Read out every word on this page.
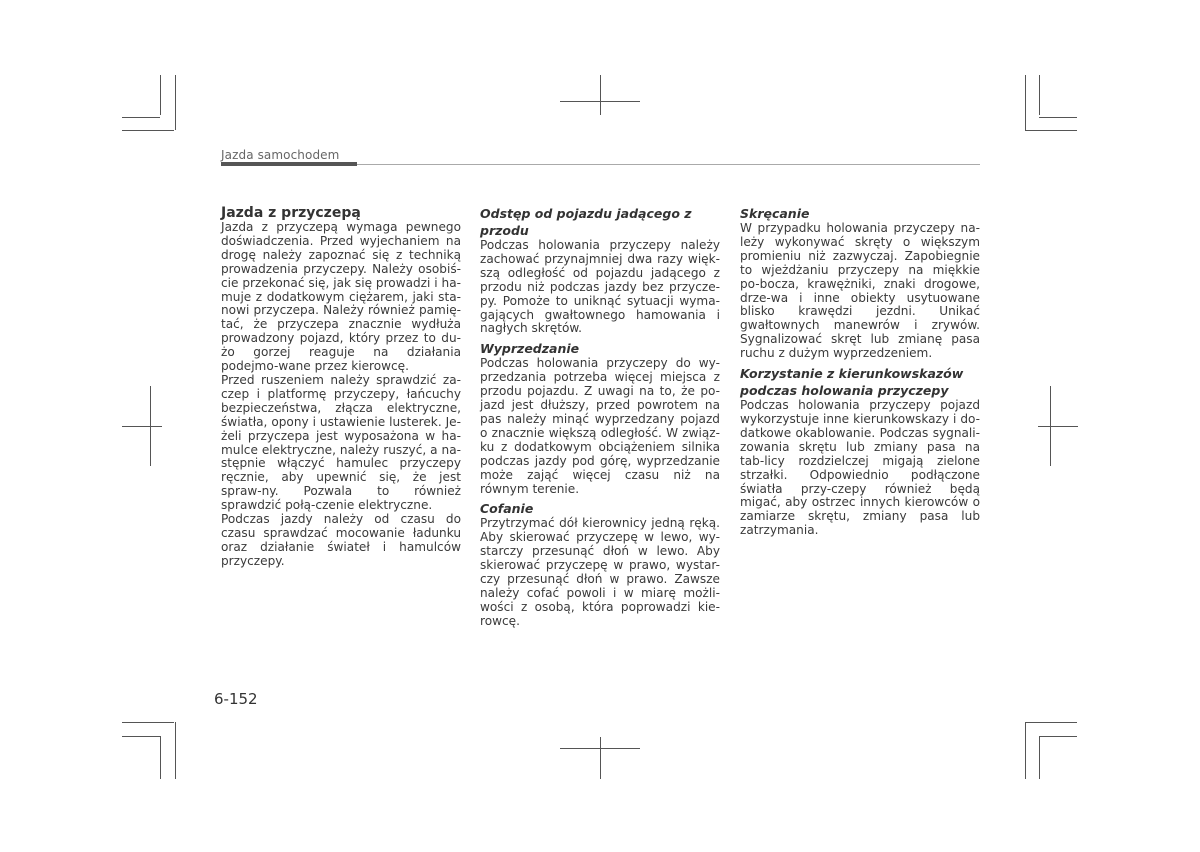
Jazda samochodem
Jazda z przyczepą

Jazda z przyczepą wymaga pewnego doświadczenia. Przed wyjechaniem na drogę należy zapoznać się z techniką prowadzenia przyczepy. Należy osobiś-cie przekonać się, jak się prowadzi i ha-muje z dodatkowym ciężarem, jaki sta-nowi przyczepa. Należy również pamię-tać, że przyczepa znacznie wydłuża prowadzony pojazd, który przez to du-żo gorzej reaguje na działania podejmo-wane przez kierowcę.

Przed ruszeniem należy sprawdzić za-czep i platformę przyczepy, łańcuchy bezpieczeństwa, złącza elektryczne, światła, opony i ustawienie lusterek. Je-żeli przyczepa jest wyposażona w ha-mulce elektryczne, należy ruszyć, a na-stępnie włączyć hamulec przyczepy ręcznie, aby upewnić się, że jest spraw-ny. Pozwala to również sprawdzić połą-czenie elektryczne.

Podczas jazdy należy od czasu do czasu sprawdzać mocowanie ładunku oraz działanie świateł i hamulców przyczepy.

Odstęp od pojazdu jadącego z przodu

Podczas holowania przyczepy należy zachować przynajmniej dwa razy więk-szą odległość od pojazdu jadącego z przodu niż podczas jazdy bez przycze-py. Pomoże to uniknąć sytuacji wyma-gających gwałtownego hamowania i nagłych skrętów.

Wyprzedzanie

Podczas holowania przyczepy do wy-przedzania potrzeba więcej miejsca z przodu pojazdu. Z uwagi na to, że po-jazd jest dłuższy, przed powrotem na pas należy minąć wyprzedzany pojazd o znacznie większą odległość. W związ-ku z dodatkowym obciążeniem silnika podczas jazdy pod górę, wyprzedzanie może zająć więcej czasu niż na równym terenie.

Cofanie

Przytrzymać dół kierownicy jedną ręką. Aby skierować przyczepę w lewo, wy-starczy przesunąć dłoń w lewo. Aby skierować przyczepę w prawo, wystar-czy przesunąć dłoń w prawo. Zawsze należy cofać powoli i w miarę możli-wości z osobą, która poprowadzi kie-rowcę.

Skręcanie

W przypadku holowania przyczepy na-leży wykonywać skręty o większym promieniu niż zazwyczaj. Zapobiegnie to wjeżdżaniu przyczepy na miękkie po-bocza, krawężniki, znaki drogowe, drze-wa i inne obiekty usytuowane blisko krawędzi jezdni. Unikać gwałtownych manewrów i zrywów. Sygnalizować skręt lub zmianę pasa ruchu z dużym wyprzedzeniem.

Korzystanie z kierunkowskazów podczas holowania przyczepy

Podczas holowania przyczepy pojazd wykorzystuje inne kierunkowskazy i do-datkowe okablowanie. Podczas sygnali-zowania skrętu lub zmiany pasa na tab-licy rozdzielczej migają zielone strzałki. Odpowiednio podłączone światła przy-czepy również będą migać, aby ostrzec innych kierowców o zamiarze skrętu, zmiany pasa lub zatrzymania.

6-152
